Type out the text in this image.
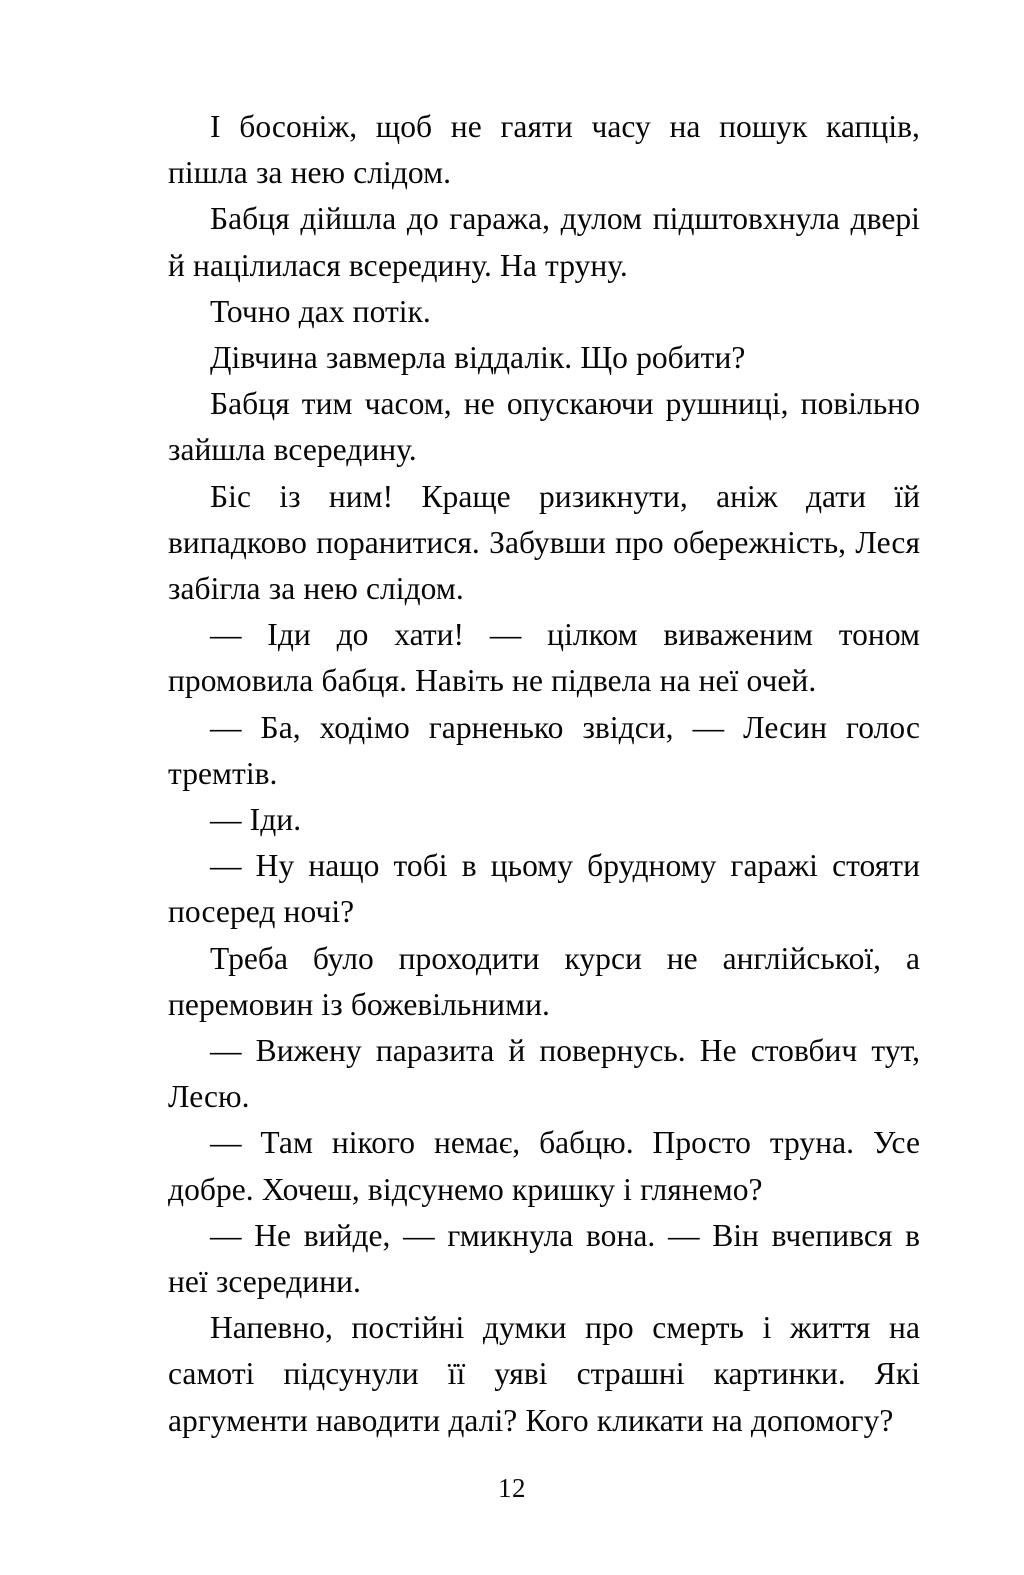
І босоніж, щоб не гаяти часу на пошук капців, пішла за нею слідом.

Бабця дійшла до гаража, дулом підштовхнула двері й націлилася всередину. На труну.

Точно дах потік.

Дівчина завмерла віддалік. Що робити?

Бабця тим часом, не опускаючи рушниці, повільно зайшла всередину.

Біс із ним! Краще ризикнути, аніж дати їй випадково поранитися. Забувши про обережність, Леся забігла за нею слідом.

— Іди до хати! — цілком виваженим тоном промовила бабця. Навіть не підвела на неї очей.

— Ба, ходімо гарненько звідси, — Лесин голос тремтів.

— Іди.

— Ну нащо тобі в цьому брудному гаражі стояти посеред ночі?

Треба було проходити курси не англійської, а перемовин із божевільними.

— Вижену паразита й повернусь. Не стовбич тут, Лесю.

— Там нікого немає, бабцю. Просто труна. Усе добре. Хочеш, відсунемо кришку і глянемо?

— Не вийде, — гмикнула вона. — Він вчепився в неї зсередини.

Напевно, постійні думки про смерть і життя на самоті підсунули її уяві страшні картинки. Які аргументи наводити далі? Кого кликати на допомогу?

12
